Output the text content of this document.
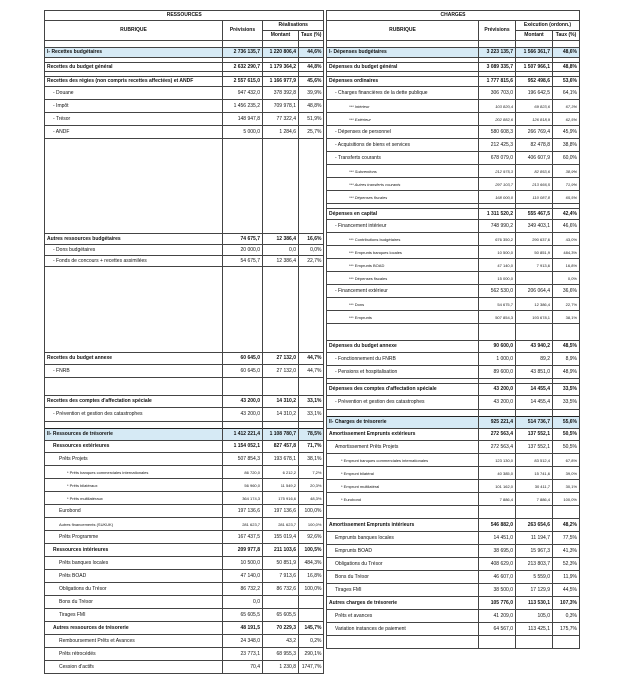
RESSOURCES			
RUBRIQUE	Prévisions	Réalisations	
		Montant	Taux (%)

I- Recettes budgétaires	2 736 135,7	1 220 806,4	44,6%

Recettes du budget général	2 632 290,7	1 179 364,2	44,8%

Recettes des régies (non compris recettes affectées) et ANDF	2 557 615,0	1 166 977,9	45,6%
- Douane	947 432,0	378 392,8	39,9%
- Impôt	1 456 235,2	709 978,1	48,8%
- Trésor	148 947,8	77 322,4	51,9%
- ANDF	5 000,0	1 284,6	25,7%

Autres ressources budgétaires	74 675,7	12 386,4	16,6%
- Dons budgétaires	20 000,0	0,0	0,0%
- Fonds de concours + recettes assimilées	54 675,7	12 386,4	22,7%

Recettes du budget annexe	60 645,0	27 132,0	44,7%
- FNRB	60 645,0	27 132,0	44,7%

Recettes des comptes d'affectation spéciale	43 200,0	14 310,2	33,1%
- Prévention et gestion des catastrophes	43 200,0	14 310,2	33,1%

II- Ressources de trésorerie	1 412 221,4	1 108 780,7	78,5%
Ressources extérieures	1 154 052,1	827 457,8	71,7%
Prêts Projets	507 854,3	193 678,1	38,1%
* Prêts banques commerciales internationales	86 720,0	6 212,2	7,2%
* Prêts bilatéraux	56 960,0	11 549,2	20,3%
* Prêts multilatéraux	364 174,3	175 916,6	48,3%
Eurobond	197 136,6	197 136,6	100,0%
Autres financements (SUKUK)	281 623,7	281 623,7	100,0%
Prêts Programme	167 437,5	155 019,4	92,6%
Ressources intérieures	209 977,8	211 103,6	100,5%
Prêts banques locales	10 500,0	50 851,9	484,3%
Prêts BOAD	47 140,0	7 913,6	16,8%
Obligations du Trésor	86 732,2	86 732,6	100,0%
Bons du Trésor	0,0		
Tirages FMI	65 605,5	65 605,5	
Autres ressources de trésorerie	48 191,5	70 229,3	145,7%
Remboursement Prêts et Avances	24 348,0	43,2	0,2%
Prêts rétrocédés	23 773,1	68 955,3	290,1%
Cession d'actifs	70,4	1 230,8	1747,7%
CHARGES			
RUBRIQUE	Prévisions	Exécution (ordonn.)	
		Montant	Taux (%)

I- Dépenses budgétaires	3 223 135,7	1 566 361,7	48,6%

Dépenses du budget général	3 089 335,7	1 507 966,1	48,8%

Dépenses ordinaires	1 777 815,6	952 498,6	53,6%
- Charges financières de la dette publique	306 703,0	196 642,5	64,1%
*** Intérieur	103 820,4	69 823,6	67,3%
*** Extérieur	202 882,6	126 818,9	62,5%
- Dépenses de personnel	580 608,3	266 769,4	45,9%
- Acquisitions de biens et services	212 425,3	82 478,8	38,8%
- Transferts courants	678 079,0	406 607,9	60,0%
*** Subventions	212 975,3	82 853,6	38,9%
*** Autres transferts courants	297 103,7	213 666,5	71,9%
*** Dépenses fiscales	168 000,0	110 087,8	65,5%

Dépenses en capital	1 311 520,2	555 467,5	42,4%
- Financement intérieur	748 990,2	349 403,1	46,6%
*** Contributions budgétaires	676 350,2	290 637,6	43,0%
*** Emprunts banques locales	10 500,0	50 851,9	484,3%
*** Emprunts BOAD	47 140,0	7 913,6	16,8%
*** Dépenses fiscales	15 000,0		0,0%
- Financement extérieur	562 530,0	206 064,4	36,6%
*** Dons	54 675,7	12 386,4	22,7%
*** Emprunts	507 854,3	193 678,1	38,1%

Dépenses du budget annexe	90 600,0	43 940,2	48,5%
- Fonctionnement du FNRB	1 000,0	89,2	8,9%
- Pensions et hospitalisation	89 600,0	43 851,0	48,9%

Dépenses des comptes d'affectation spéciale	43 200,0	14 455,4	33,5%
- Prévention et gestion des catastrophes	43 200,0	14 455,4	33,5%

II- Charges de trésorerie	925 221,4	514 736,7	55,6%
Amortissement Emprunts extérieurs	272 563,4	137 552,1	50,5%
Amortissement Prêts Projets	272 563,4	137 552,1	50,5%
* Emprunt banques commerciales internationales	123 130,0	83 512,4	67,8%
* Emprunt bilatéral	40 385,0	15 741,6	39,0%
* Emprunt multilatéral	101 162,0	30 411,7	30,1%
* Eurobond	7 886,4	7 886,4	100,0%

Amortissement Emprunts intérieurs	546 882,0	263 654,6	48,2%
Emprunts banques locales	14 451,0	11 194,7	77,5%
Emprunts BOAD	38 695,0	15 967,3	41,3%
Obligations du Trésor	408 629,0	213 803,7	52,3%
Bons du Trésor	46 607,0	5 559,0	11,9%
Tirages FMI	38 500,0	17 129,9	44,5%
Autres charges de trésorerie	105 776,0	113 530,1	107,3%
Prêts et avances	41 209,0	105,0	0,3%
Variation instances de paiement	64 567,0	113 425,1	175,7%
